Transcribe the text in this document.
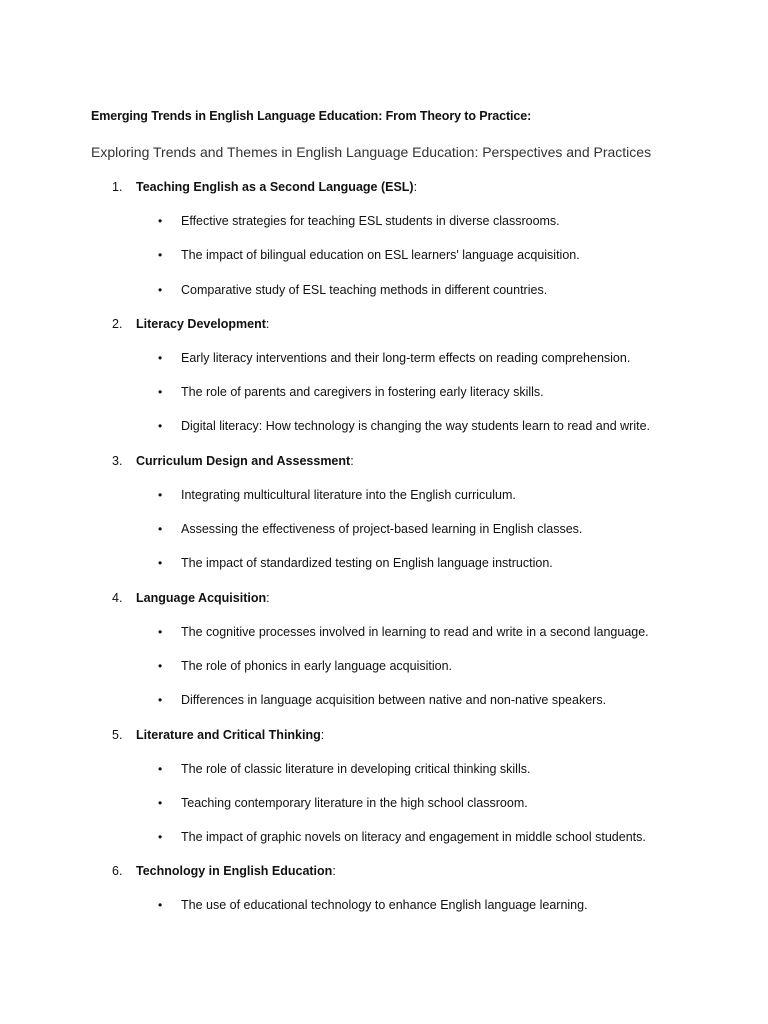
Emerging Trends in English Language Education: From Theory to Practice:
Exploring Trends and Themes in English Language Education: Perspectives and Practices
1.	Teaching English as a Second Language (ESL):
• Effective strategies for teaching ESL students in diverse classrooms.
• The impact of bilingual education on ESL learners' language acquisition.
• Comparative study of ESL teaching methods in different countries.
2.	Literacy Development:
• Early literacy interventions and their long-term effects on reading comprehension.
• The role of parents and caregivers in fostering early literacy skills.
• Digital literacy: How technology is changing the way students learn to read and write.
3.	Curriculum Design and Assessment:
• Integrating multicultural literature into the English curriculum.
• Assessing the effectiveness of project-based learning in English classes.
• The impact of standardized testing on English language instruction.
4.	Language Acquisition:
• The cognitive processes involved in learning to read and write in a second language.
• The role of phonics in early language acquisition.
• Differences in language acquisition between native and non-native speakers.
5.	Literature and Critical Thinking:
• The role of classic literature in developing critical thinking skills.
• Teaching contemporary literature in the high school classroom.
• The impact of graphic novels on literacy and engagement in middle school students.
6.	Technology in English Education:
• The use of educational technology to enhance English language learning.
